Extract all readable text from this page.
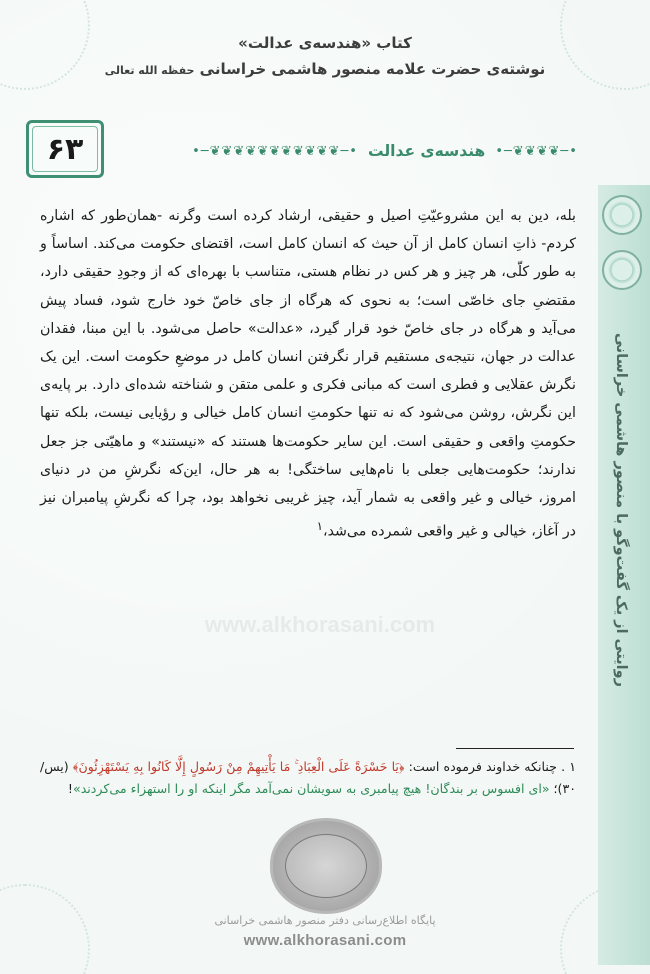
کتاب «هندسه‌ی عدالت»
نوشته‌ی حضرت علامه منصور هاشمی خراسانی حفظه الله تعالی
روایتی از یک گفت‌وگو با منصور هاشمی خراسانی
۶۳	•─❦❦❦❦─•
هندسه‌ی عدالت
•─❦❦❦❦❦❦❦❦❦❦❦─•
www.alkhorasani.com
بله، دین به این مشروعیّتِ اصیل و حقیقی، ارشاد کرده است وگرنه -همان‌طور که اشاره کردم- ذاتِ انسان کامل از آن حیث که انسان کامل است، اقتضای حکومت می‌کند. اساساً و به طور کلّی، هر چیز و هر کس در نظام هستی، متناسب با بهره‌ای که از وجودِ حقیقی دارد، مقتضیِ جای خاصّی است؛ به نحوی که هرگاه از جای خاصّ خود خارج شود، فساد پیش می‌آید و هرگاه در جای خاصّ خود قرار گیرد، «عدالت» حاصل می‌شود. با این مبنا، فقدان عدالت در جهان، نتیجه‌ی مستقیم قرار نگرفتن انسان کامل در موضعِ حکومت است. این یک نگرش عقلایی و فطری است که مبانی فکری و علمی متقن و شناخته شده‌ای دارد. بر پایه‌ی این نگرش، روشن می‌شود که نه تنها حکومتِ انسان کامل خیالی و رؤیایی نیست، بلکه تنها حکومتِ واقعی و حقیقی است. این سایر حکومت‌ها هستند که «نیستند» و ماهیّتی جز جعل ندارند؛ حکومت‌هایی جعلی با نام‌هایی ساختگی! به هر حال، این‌که نگرشِ من در دنیای امروز، خیالی و غیر واقعی به شمار آید، چیز غریبی نخواهد بود، چرا که نگرشِ پیامبران نیز در آغاز، خیالی و غیر واقعی شمرده می‌شد،$^۱$
۱ . چنانکه خداوند فرموده است: ﴿يَا حَسْرَةً عَلَى الْعِبَادِ ۚ مَا يَأْتِيهِمْ مِنْ رَسُولٍ إِلَّا كَانُوا بِهِ يَسْتَهْزِئُونَ﴾ (یس/ ۳۰)؛ «ای افسوس بر بندگان! هیچ پیامبری به سویشان نمی‌آمد مگر اینکه او را استهزاء می‌کردند»!
پایگاه اطلاع‌رسانی دفتر منصور هاشمی خراسانی
www.alkhorasani.com
